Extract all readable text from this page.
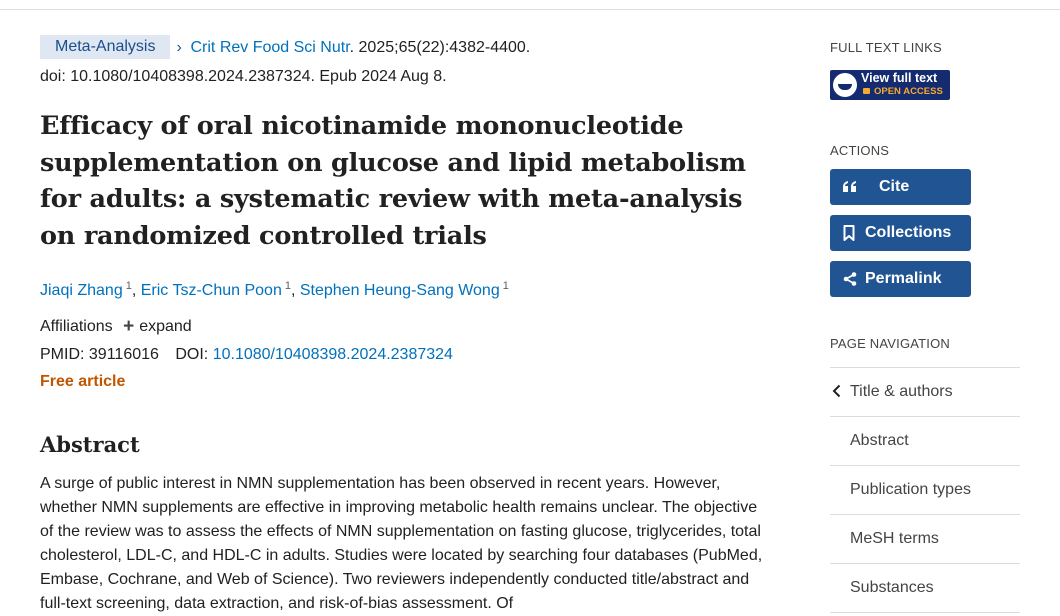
Meta-Analysis › Crit Rev Food Sci Nutr. 2025;65(22):4382-4400.
doi: 10.1080/10408398.2024.2387324. Epub 2024 Aug 8.
Efficacy of oral nicotinamide mononucleotide supplementation on glucose and lipid metabolism for adults: a systematic review with meta-analysis on randomized controlled trials
Jiaqi Zhang $^1$, Eric Tsz-Chun Poon $^1$, Stephen Heung-Sang Wong $^1$
Affiliations + expand
PMID: 39116016 DOI: 10.1080/10408398.2024.2387324
Free article
Abstract

A surge of public interest in NMN supplementation has been observed in recent years. However, whether NMN supplements are effective in improving metabolic health remains unclear. The objective of the review was to assess the effects of NMN supplementation on fasting glucose, triglycerides, total cholesterol, LDL-C, and HDL-C in adults. Studies were located by searching four databases (PubMed, Embase, Cochrane, and Web of Science). Two reviewers independently conducted title/abstract and full-text screening, data extraction, and risk-of-bias assessment. Of

FULL TEXT LINKS
View full text
OPEN ACCESS
ACTIONS
Cite
Collections
Permalink
PAGE NAVIGATION
Title & authors
Abstract
Publication types
MeSH terms
Substances
